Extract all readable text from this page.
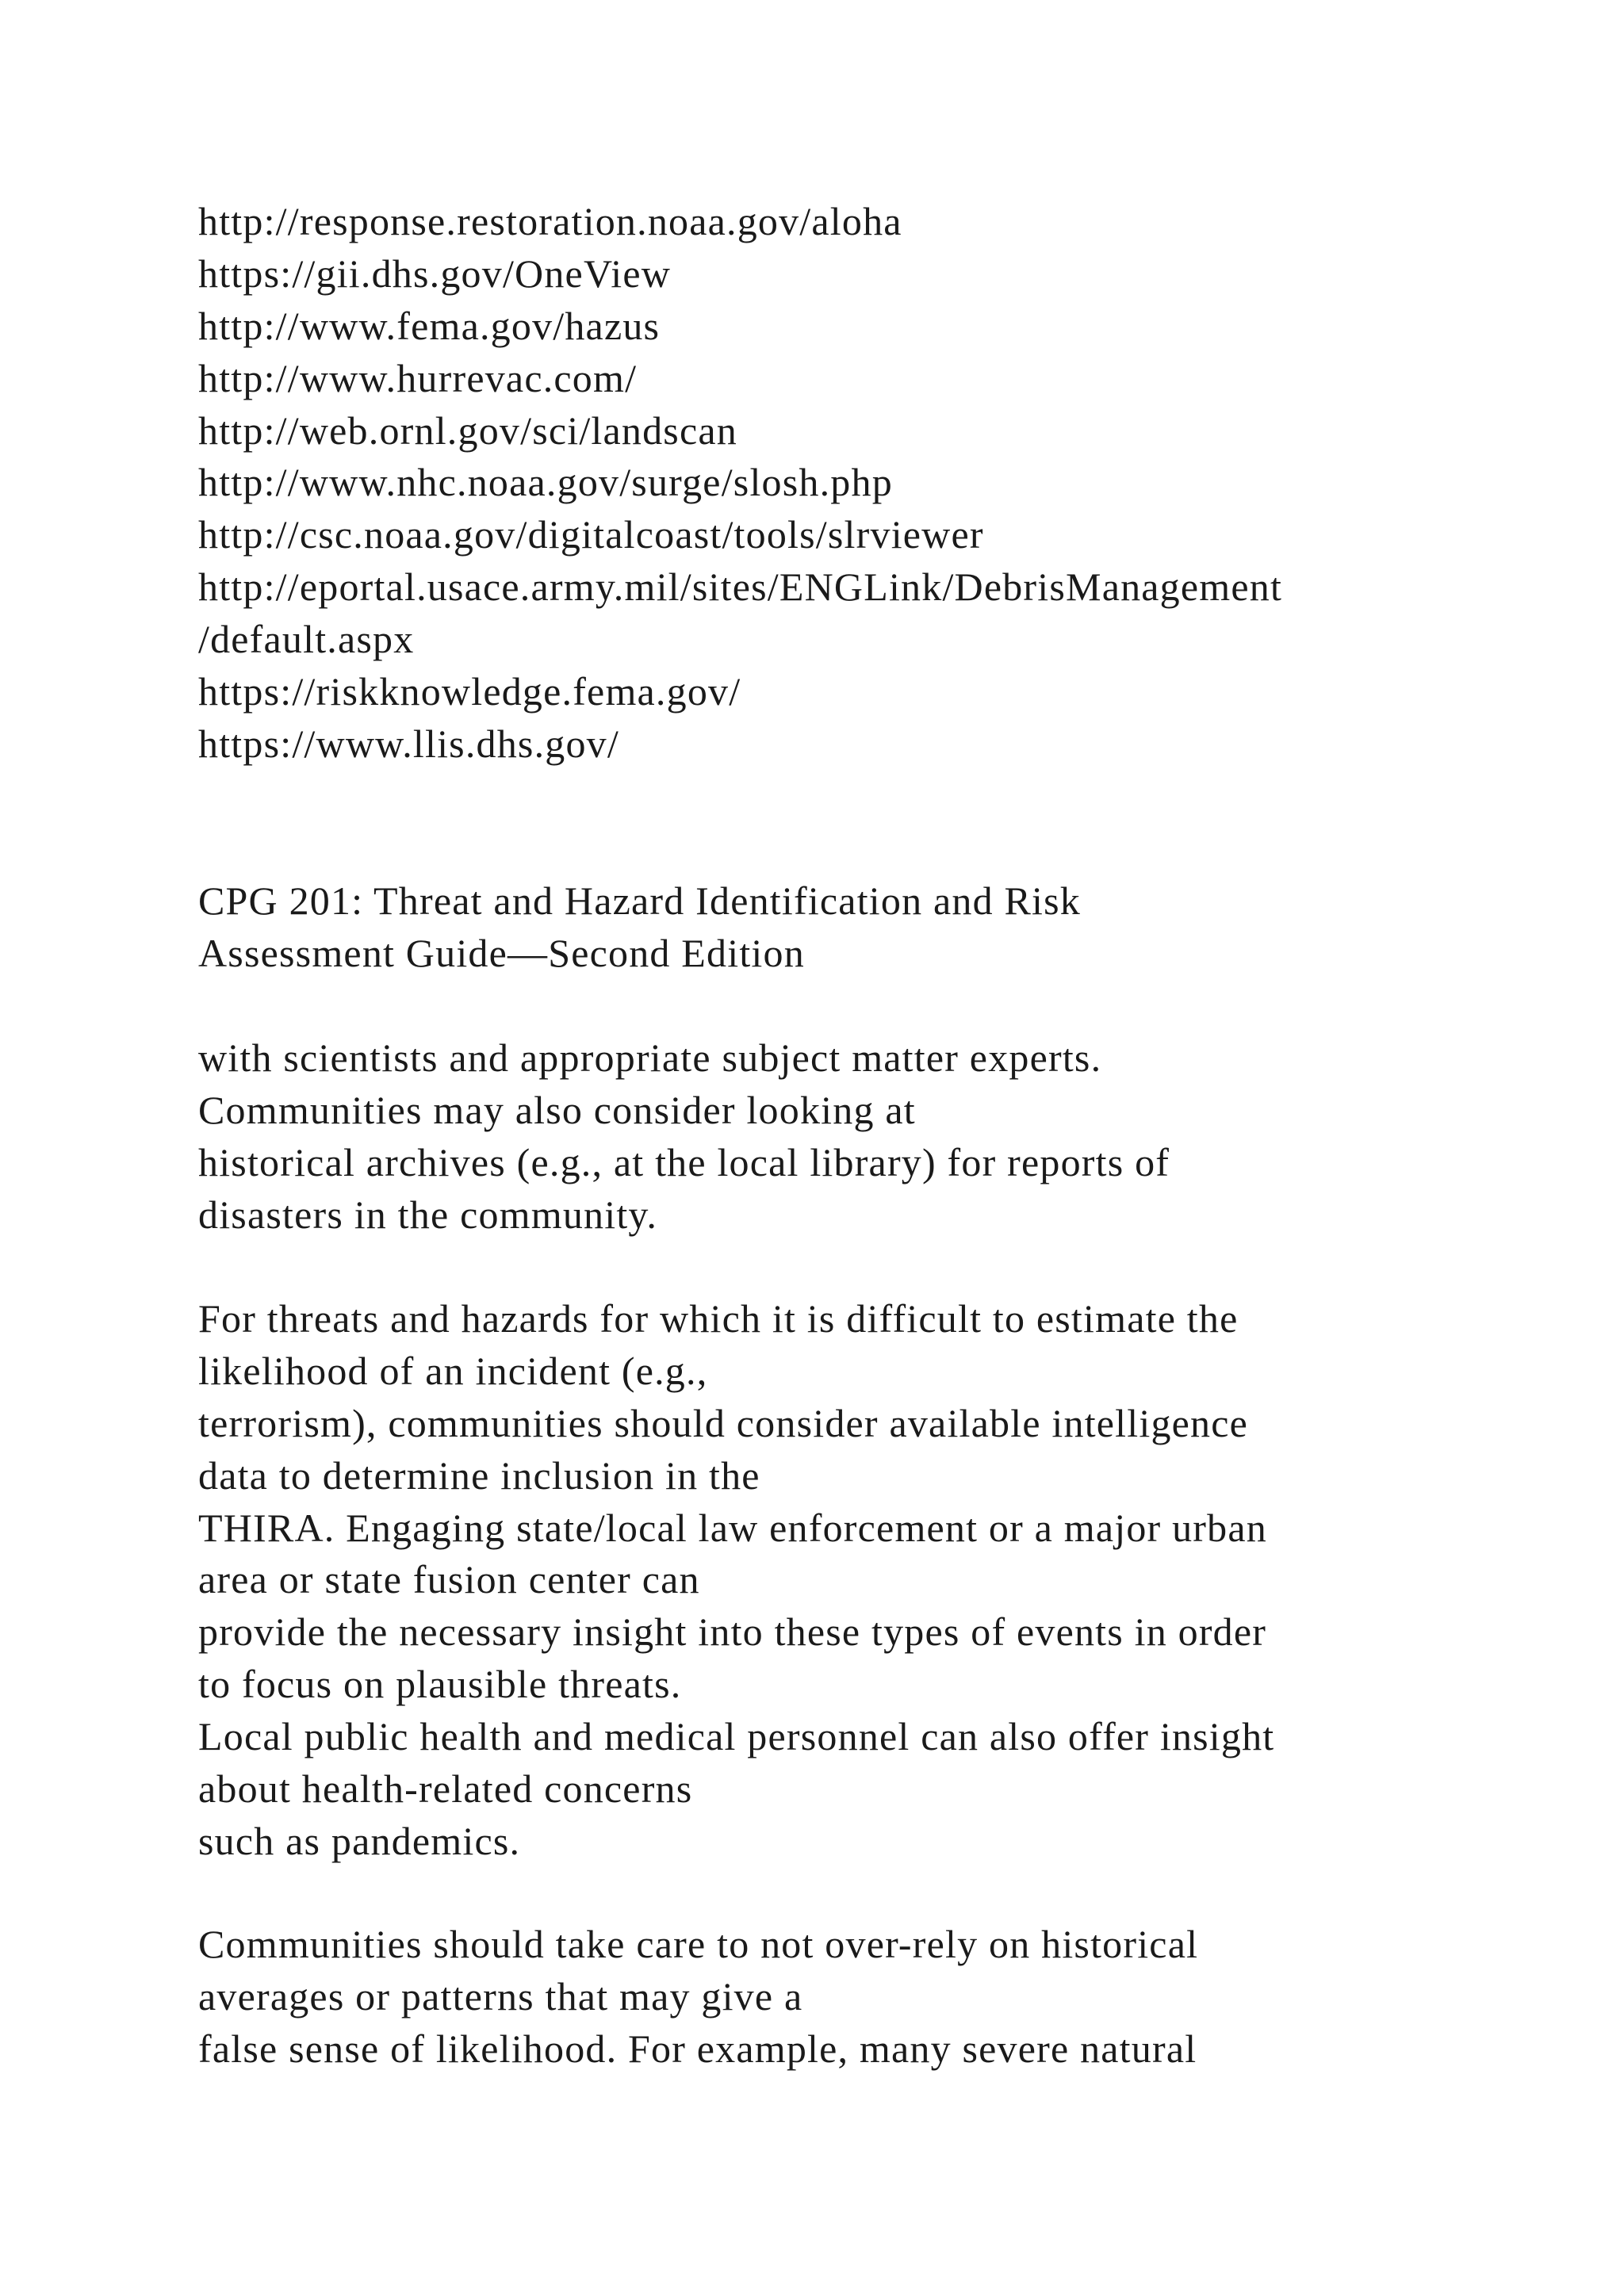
http://response.restoration.noaa.gov/aloha
https://gii.dhs.gov/OneView
http://www.fema.gov/hazus
http://www.hurrevac.com/
http://web.ornl.gov/sci/landscan
http://www.nhc.noaa.gov/surge/slosh.php
http://csc.noaa.gov/digitalcoast/tools/slrviewer
http://eportal.usace.army.mil/sites/ENGLink/DebrisManagement
/default.aspx
https://riskknowledge.fema.gov/
https://www.llis.dhs.gov/
CPG 201: Threat and Hazard Identification and Risk
Assessment Guide—Second Edition
with scientists and appropriate subject matter experts.
Communities may also consider looking at
historical archives (e.g., at the local library) for reports of
disasters in the community.
For threats and hazards for which it is difficult to estimate the
likelihood of an incident (e.g.,
terrorism), communities should consider available intelligence
data to determine inclusion in the
THIRA. Engaging state/local law enforcement or a major urban
area or state fusion center can
provide the necessary insight into these types of events in order
to focus on plausible threats.
Local public health and medical personnel can also offer insight
about health-related concerns
such as pandemics.
Communities should take care to not over-rely on historical
averages or patterns that may give a
false sense of likelihood. For example, many severe natural
